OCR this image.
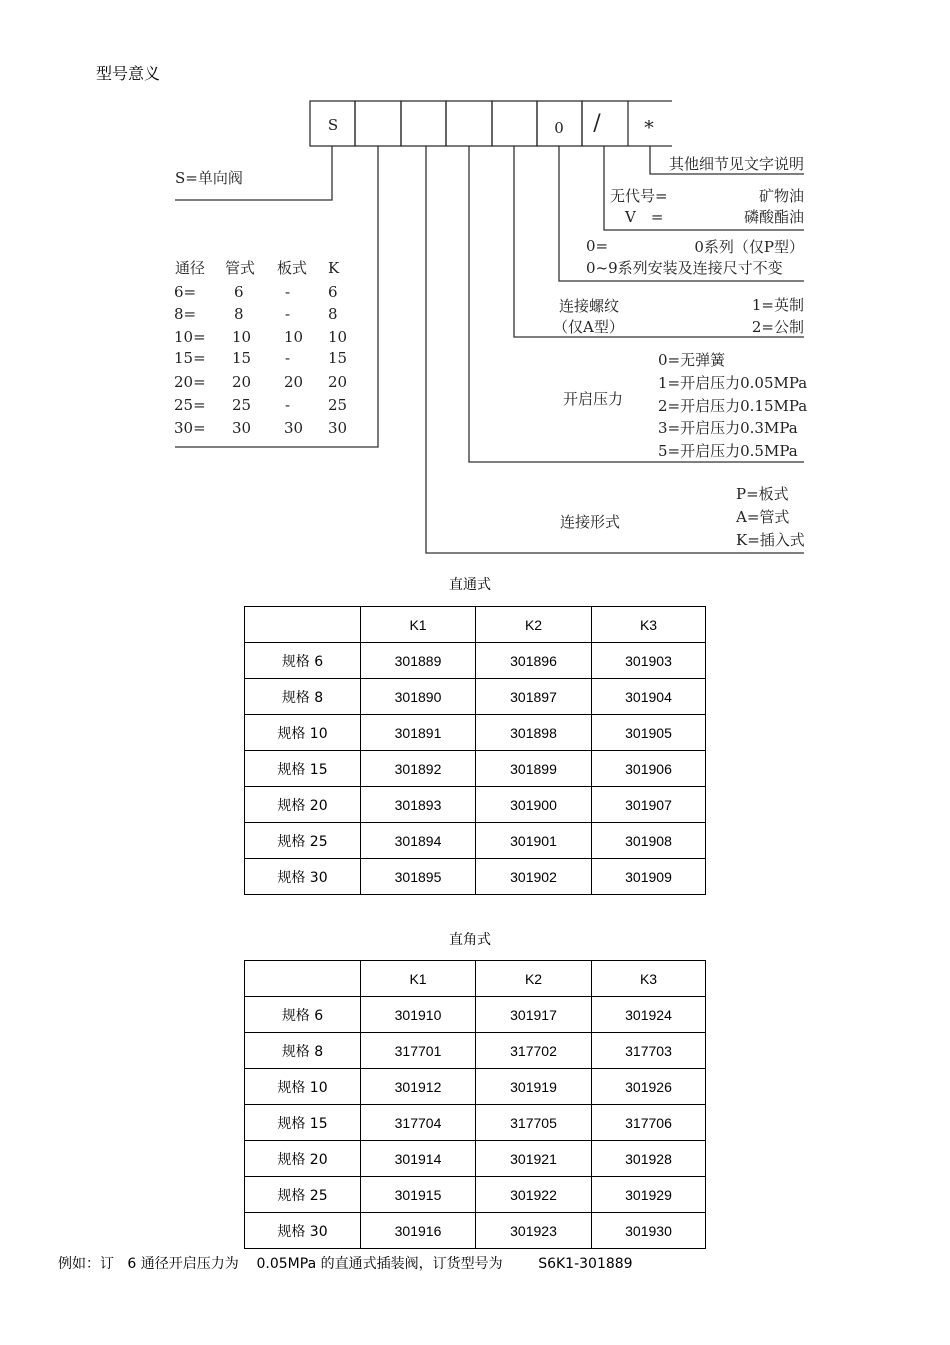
型号意义
S	0 / *
S=单向阀
通径 管式 板式 K
6=	6	-	6
8=	8	-	8
10= 10 10 10
15= 15 -	15
20= 20 20 20
25= 25 -	25
30= 30 30 30
其他细节见文字说明
无代号=	矿物油
V　=	磷酸酯油
0=	0系列（仅P型）
0~9系列安装及连接尺寸不变
连接螺纹	1=英制
（仅A型）	2=公制
开启压力
0=无弹簧
1=开启压力0.05MPa
2=开启压力0.15MPa
3=开启压力0.3MPa
5=开启压力0.5MPa
连接形式
P=板式
A=管式
K=插入式
直通式
	K1	K2	K3
规格 6	301889	301896	301903
规格 8	301890	301897	301904
规格 10	301891	301898	301905
规格 15	301892	301899	301906
规格 20	301893	301900	301907
规格 25	301894	301901	301908
规格 30	301895	301902	301909
直角式
	K1	K2	K3
规格 6	301910	301917	301924
规格 8	317701	317702	317703
规格 10	301912	301919	301926
规格 15	317704	317705	317706
规格 20	301914	301921	301928
规格 25	301915	301922	301929
规格 30	301916	301923	301930
例如：订   6 通径开启压力为    0.05MPa 的直通式插装阀，订货型号为        S6K1-301889
